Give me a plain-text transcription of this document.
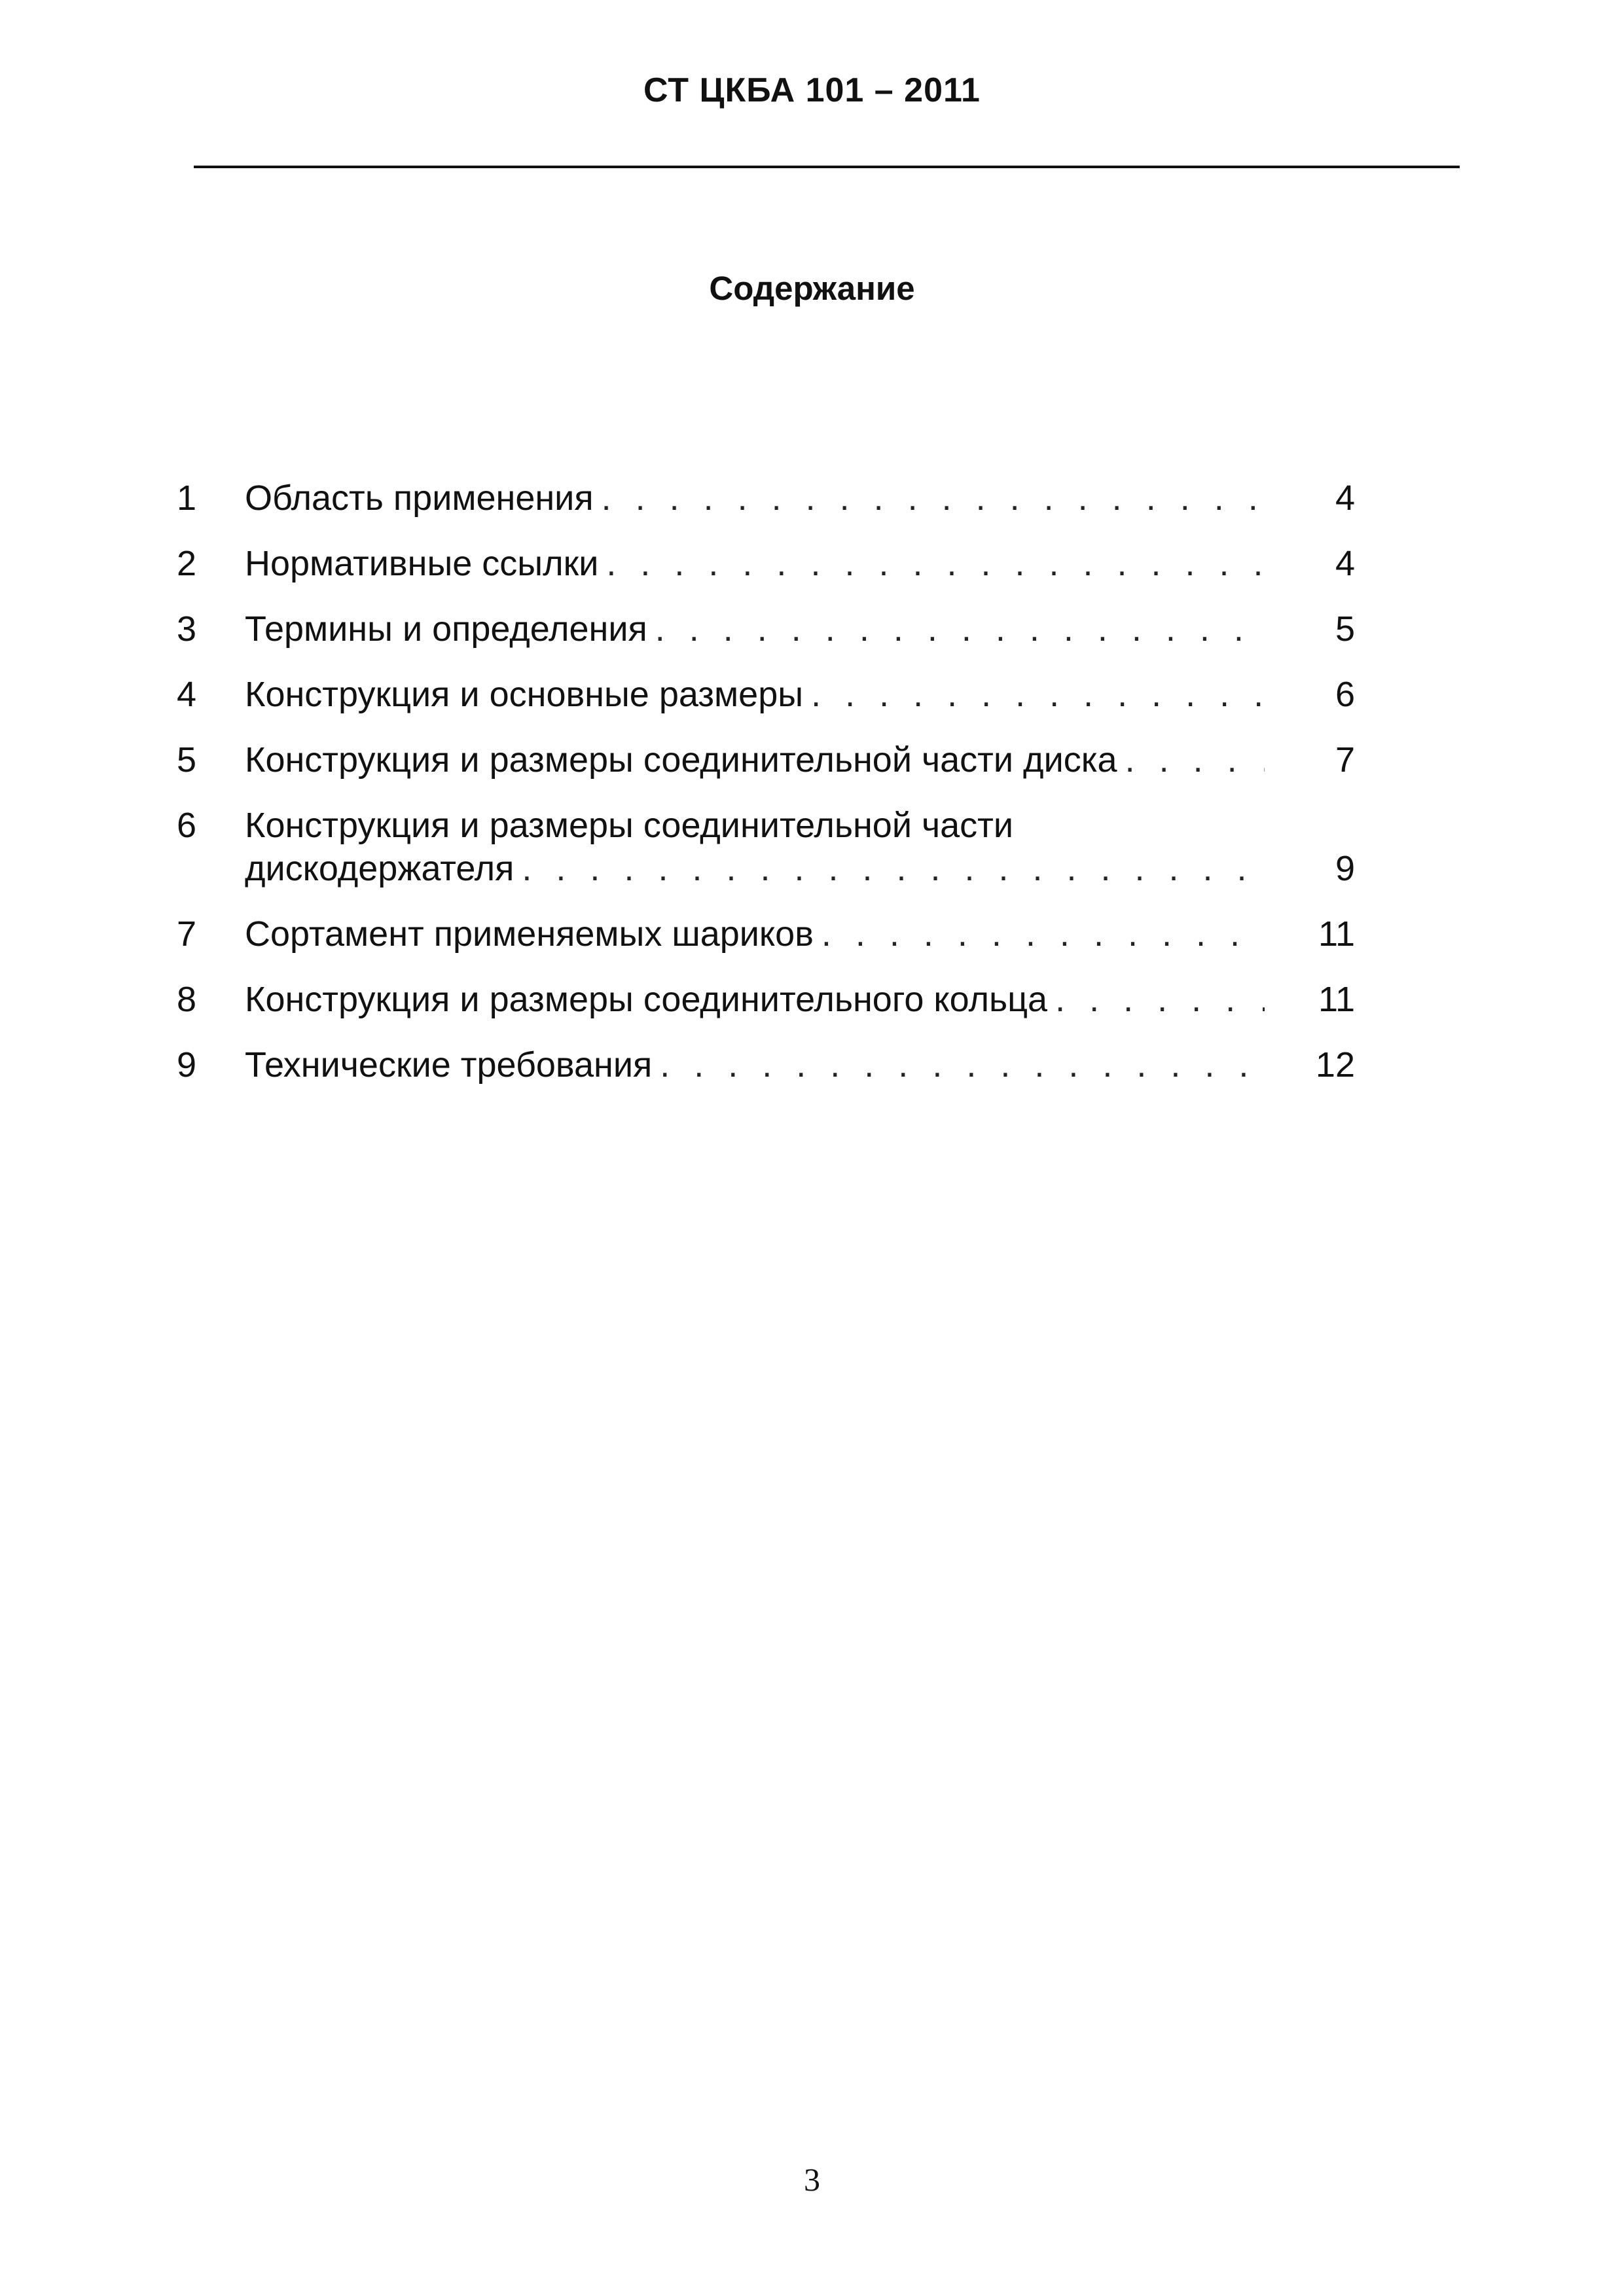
СТ ЦКБА 101 – 2011
Содержание
1	Область применения . . .	4
2	Нормативные ссылки . . .	4
3	Термины и определения . . .	5
4	Конструкция и основные размеры . . .	6
5	Конструкция и размеры соединительной части диска . . .	7
6	Конструкция и размеры соединительной части
дискодержателя . . .	9
7	Сортамент применяемых шариков . . .	11
8	Конструкция и размеры соединительного кольца . . .	11
9	Технические требования . . .	12
3
